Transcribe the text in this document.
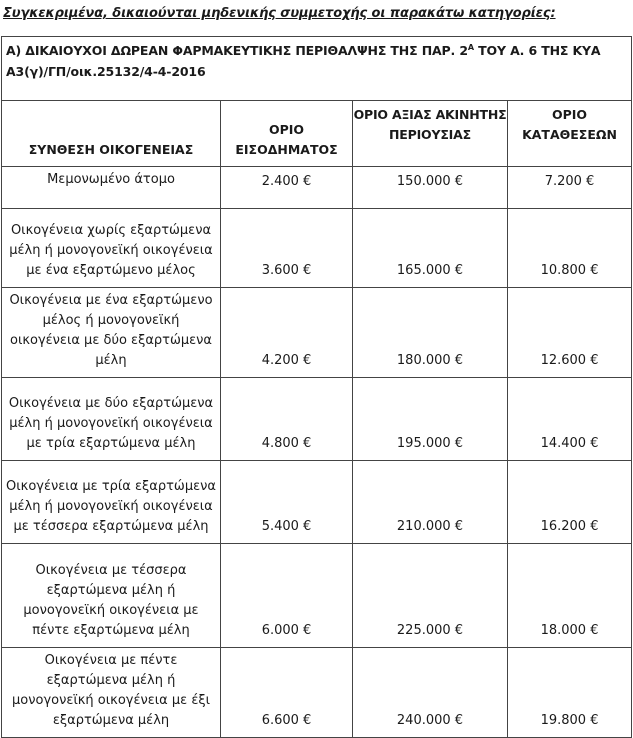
Συγκεκριμένα, δικαιούνται μηδενικής συμμετοχής οι παρακάτω κατηγορίες:

Α) ΔΙΚΑΙΟΥΧΟΙ ΔΩΡΕΑΝ ΦΑΡΜΑΚΕΥΤΙΚΗΣ ΠΕΡΙΘΑΛΨΗΣ ΤΗΣ ΠΑΡ. $2^A$ ΤΟΥ Α. 6 ΤΗΣ ΚΥΑ Α3(γ)/ΓΠ/οικ.25132/4-4-2016			
ΣΥΝΘΕΣΗ ΟΙΚΟΓΕΝΕΙΑΣ	ΟΡΙΟ ΕΙΣΟΔΗΜΑΤΟΣ	ΟΡΙΟ ΑΞΙΑΣ ΑΚΙΝΗΤΗΣ ΠΕΡΙΟΥΣΙΑΣ	ΟΡΙΟ ΚΑΤΑΘΕΣΕΩΝ
Μεμονωμένο άτομο	2.400 €	150.000 €	7.200 €
Οικογένεια χωρίς εξαρτώμενα μέλη ή μονογονεϊκή οικογένεια με ένα εξαρτώμενο μέλος	3.600 €	165.000 €	10.800 €
Οικογένεια με ένα εξαρτώμενο μέλος ή μονογονεϊκή οικογένεια με δύο εξαρτώμενα μέλη	4.200 €	180.000 €	12.600 €
Οικογένεια με δύο εξαρτώμενα μέλη ή μονογονεϊκή οικογένεια με τρία εξαρτώμενα μέλη	4.800 €	195.000 €	14.400 €
Οικογένεια με τρία εξαρτώμενα μέλη ή μονογονεϊκή οικογένεια με τέσσερα εξαρτώμενα μέλη	5.400 €	210.000 €	16.200 €
Οικογένεια με τέσσερα εξαρτώμενα μέλη ή μονογονεϊκή οικογένεια με πέντε εξαρτώμενα μέλη	6.000 €	225.000 €	18.000 €
Οικογένεια με πέντε εξαρτώμενα μέλη ή μονογονεϊκή οικογένεια με έξι εξαρτώμενα μέλη	6.600 €	240.000 €	19.800 €
